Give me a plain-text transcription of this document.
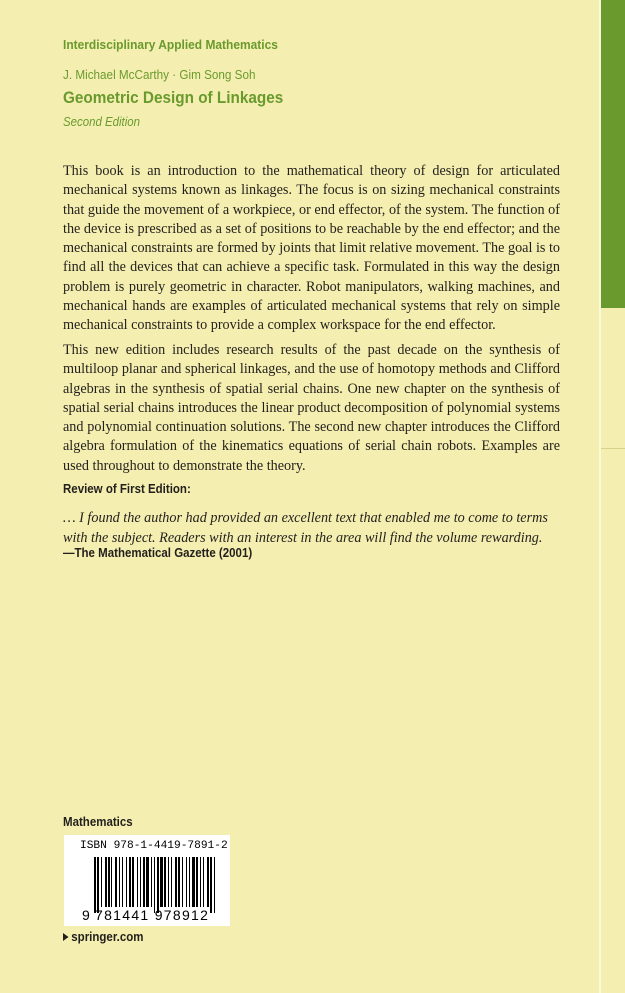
Interdisciplinary Applied Mathematics
J. Michael McCarthy · Gim Song Soh
Geometric Design of Linkages
Second Edition

This book is an introduction to the mathematical theory of design for articulated mechanical systems known as linkages. The focus is on sizing mechanical constraints that guide the movement of a workpiece, or end effector, of the system. The function of the device is prescribed as a set of positions to be reachable by the end effector; and the mechanical constraints are formed by joints that limit relative movement. The goal is to find all the devices that can achieve a specific task. Formulated in this way the design problem is purely geometric in character. Robot manipulators, walking machines, and mechanical hands are examples of articulated mechanical systems that rely on simple mechanical constraints to provide a complex workspace for the end effector.

This new edition includes research results of the past decade on the synthesis of multiloop planar and spherical linkages, and the use of homotopy methods and Clifford algebras in the synthesis of spatial serial chains. One new chapter on the synthesis of spatial serial chains introduces the linear product decomposition of polynomial systems and polynomial continuation solutions. The second new chapter introduces the Clifford algebra formulation of the kinematics equations of serial chain robots. Examples are used throughout to demonstrate the theory.

Review of First Edition:

… I found the author had provided an excellent text that enabled me to come to terms with the subject. Readers with an interest in the area will find the volume rewarding.

—The Mathematical Gazette (2001)
Mathematics
ISBN 978-1-4419-7891-2
9 781441 978912
springer.com
